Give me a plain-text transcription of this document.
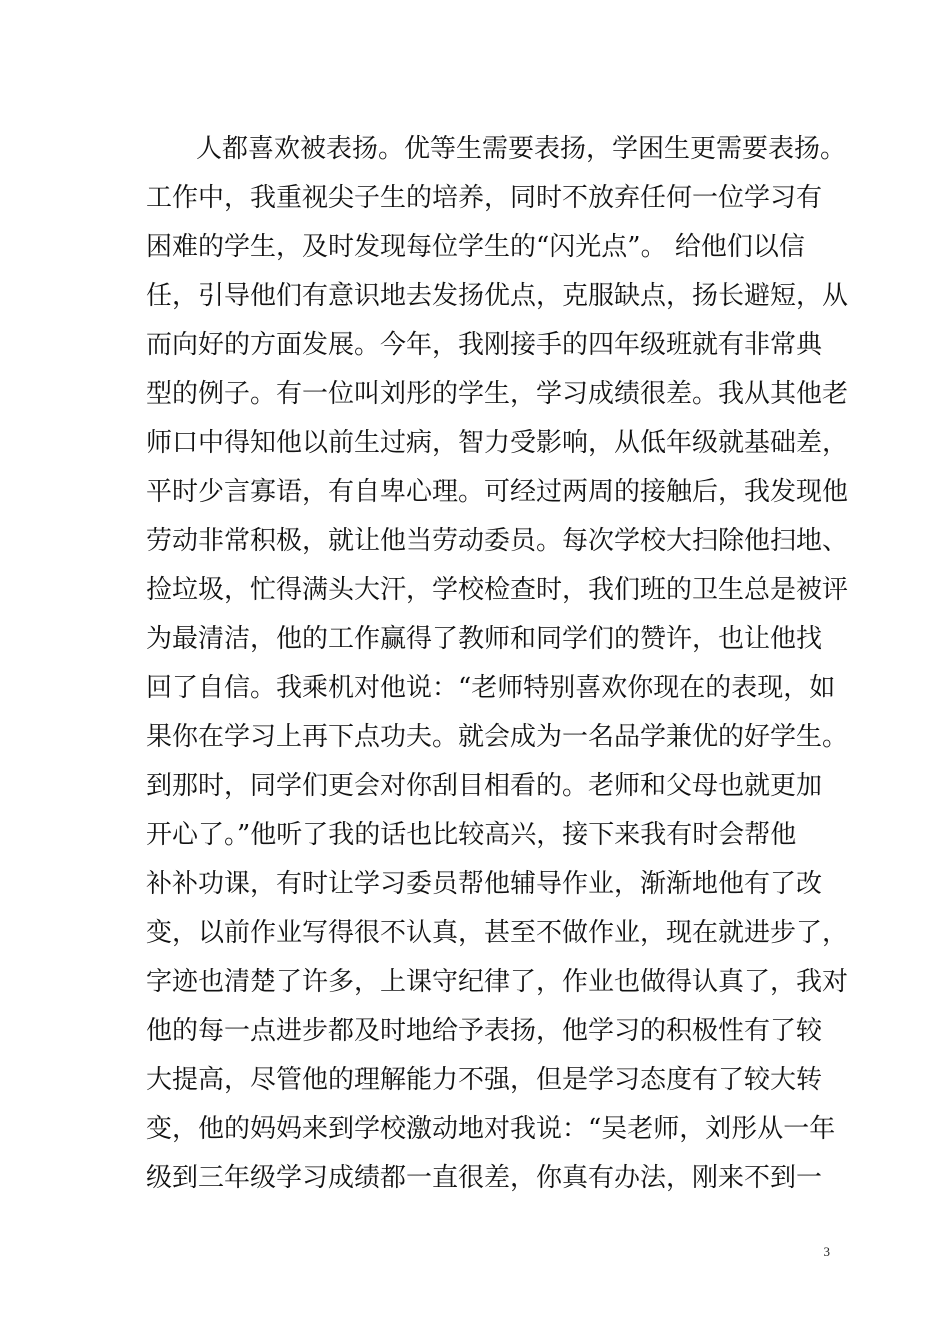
人都喜欢被表扬。优等生需要表扬，学困生更需要表扬。
工作中，我重视尖子生的培养，同时不放弃任何一位学习有
困难的学生，及时发现每位学生的“闪光点”。 给他们以信
任，引导他们有意识地去发扬优点，克服缺点，扬长避短，从
而向好的方面发展。今年，我刚接手的四年级班就有非常典
型的例子。有一位叫刘彤的学生，学习成绩很差。我从其他老
师口中得知他以前生过病，智力受影响，从低年级就基础差，
平时少言寡语，有自卑心理。可经过两周的接触后，我发现他
劳动非常积极，就让他当劳动委员。每次学校大扫除他扫地、
捡垃圾，忙得满头大汗，学校检查时，我们班的卫生总是被评
为最清洁，他的工作赢得了教师和同学们的赞许，也让他找
回了自信。我乘机对他说：“老师特别喜欢你现在的表现，如
果你在学习上再下点功夫。就会成为一名品学兼优的好学生。
到那时，同学们更会对你刮目相看的。老师和父母也就更加
开心了。”他听了我的话也比较高兴，接下来我有时会帮他
补补功课，有时让学习委员帮他辅导作业，渐渐地他有了改
变，以前作业写得很不认真，甚至不做作业，现在就进步了，
字迹也清楚了许多，上课守纪律了，作业也做得认真了，我对
他的每一点进步都及时地给予表扬，他学习的积极性有了较
大提高，尽管他的理解能力不强，但是学习态度有了较大转
变，他的妈妈来到学校激动地对我说：“吴老师，刘彤从一年
级到三年级学习成绩都一直很差，你真有办法，刚来不到一
3
